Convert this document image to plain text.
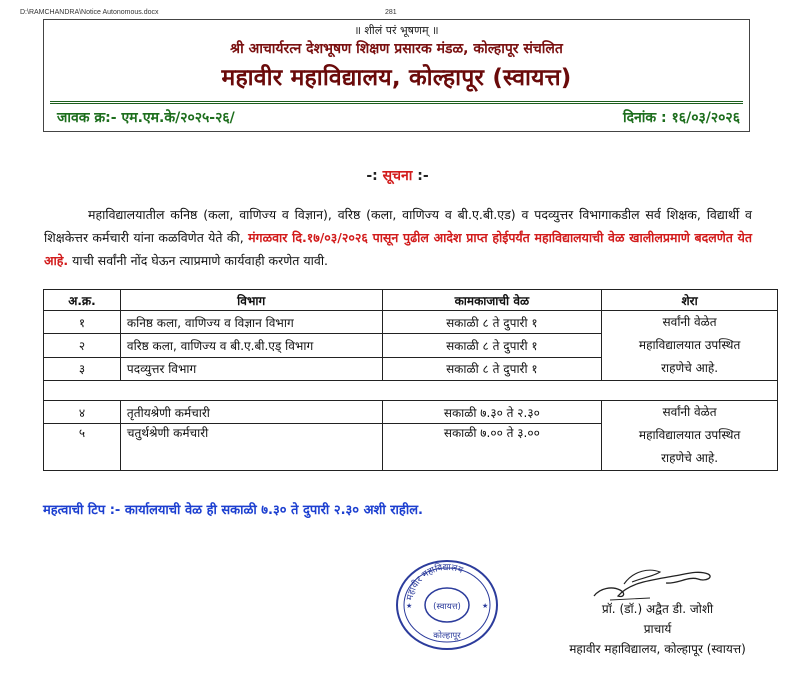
D:\RAMCHANDRA\Notice Autonomous.docx	281
॥ शीलं परं भूषणम् ॥
श्री आचार्यरत्न देशभूषण शिक्षण प्रसारक मंडळ, कोल्हापूर संचलित
महावीर महाविद्यालय, कोल्हापूर (स्वायत्त)
जावक क्र:- एम.एम.के/२०२५-२६/	दिनांक : १६/०३/२०२६
-: सूचना :-
महाविद्यालयातील कनिष्ठ (कला, वाणिज्य व विज्ञान), वरिष्ठ (कला, वाणिज्य व बी.ए.बी.एड) व पदव्युत्तर विभागाकडील सर्व शिक्षक, विद्यार्थी व शिक्षकेत्तर कर्मचारी यांना कळविणेत येते की, मंगळवार दि.१७/०३/२०२६ पासून पुढील आदेश प्राप्त होईपर्यंत महाविद्यालयाची वेळ खालीलप्रमाणे बदलणेत येत आहे. याची सर्वांनी नोंद घेऊन त्याप्रमाणे कार्यवाही करणेत यावी.
अ.क्र.	विभाग	कामकाजाची वेळ	शेरा
१	कनिष्ठ कला, वाणिज्य व विज्ञान विभाग	सकाळी ८ ते दुपारी १	सर्वांनी वेळेत
महाविद्यालयात उपस्थित
राहणेचे आहे.

२	वरिष्ठ कला, वाणिज्य व बी.ए.बी.एड् विभाग	सकाळी ८ ते दुपारी १	
३	पदव्युत्तर विभाग	सकाळी ८ ते दुपारी १	

४	तृतीयश्रेणी कर्मचारी	सकाळी ७.३० ते २.३०	सर्वांनी वेळेत
महाविद्यालयात उपस्थित
राहणेचे आहे.

५	चतुर्थश्रेणी कर्मचारी	सकाळी ७.०० ते ३.००	
महत्वाची टिप :- कार्यालयाची वेळ ही सकाळी ७.३० ते दुपारी २.३० अशी राहील.
महावीर महाविद्यालय
(स्वायत्त)
कोल्हापूर
★	★	प्रॉ. (डॉ.) अद्वैत डी. जोशी
प्राचार्य
महावीर महाविद्यालय, कोल्हापूर (स्वायत्त)
